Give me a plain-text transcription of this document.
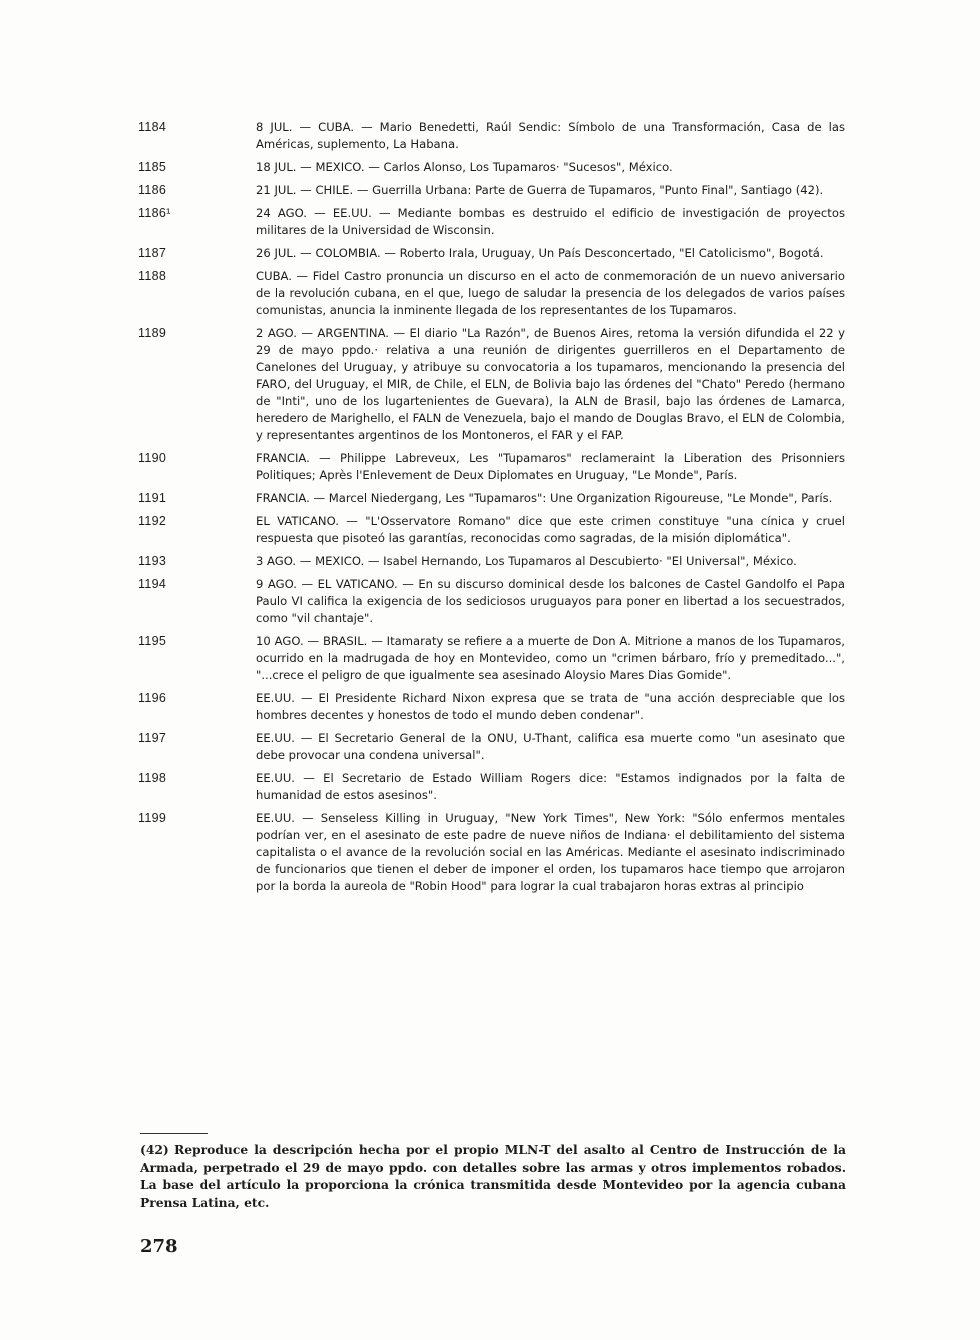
1184	8 JUL. — CUBA. — Mario Benedetti, Raúl Sendic: Símbolo de una Transformación, Casa de las Américas, suplemento, La Habana.
1185	18 JUL. — MEXICO. — Carlos Alonso, Los Tupamaros· "Sucesos", México.
1186	21 JUL. — CHILE. — Guerrilla Urbana: Parte de Guerra de Tupamaros, "Punto Final", Santiago (42).
1186¹	24 AGO. — EE.UU. — Mediante bombas es destruido el edificio de investigación de proyectos militares de la Universidad de Wisconsin.
1187	26 JUL. — COLOMBIA. — Roberto Irala, Uruguay, Un País Desconcertado, "El Catolicismo", Bogotá.
1188	CUBA. — Fidel Castro pronuncia un discurso en el acto de conmemoración de un nuevo aniversario de la revolución cubana, en el que, luego de saludar la presencia de los delegados de varios países comunistas, anuncia la inminente llegada de los representantes de los Tupamaros.
1189	2 AGO. — ARGENTINA. — El diario "La Razón", de Buenos Aires, retoma la versión difundida el 22 y 29 de mayo ppdo.· relativa a una reunión de dirigentes guerrilleros en el Departamento de Canelones del Uruguay, y atribuye su convocatoria a los tupamaros, mencionando la presencia del FARO, del Uruguay, el MIR, de Chile, el ELN, de Bolivia bajo las órdenes del "Chato" Peredo (hermano de "Inti", uno de los lugartenientes de Guevara), la ALN de Brasil, bajo las órdenes de Lamarca, heredero de Marighello, el FALN de Venezuela, bajo el mando de Douglas Bravo, el ELN de Colombia, y representantes argentinos de los Montoneros, el FAR y el FAP.
1190	FRANCIA. — Philippe Labreveux, Les "Tupamaros" reclameraint la Liberation des Prisonniers Politiques; Après l'Enlevement de Deux Diplomates en Uruguay, "Le Monde", París.
1191	FRANCIA. — Marcel Niedergang, Les "Tupamaros": Une Organization Rigoureuse, "Le Monde", París.
1192	EL VATICANO. — "L'Osservatore Romano" dice que este crimen constituye "una cínica y cruel respuesta que pisoteó las garantías, reconocidas como sagradas, de la misión diplomática".
1193	3 AGO. — MEXICO. — Isabel Hernando, Los Tupamaros al Descubierto· "El Universal", México.
1194	9 AGO. — EL VATICANO. — En su discurso dominical desde los balcones de Castel Gandolfo el Papa Paulo VI califica la exigencia de los sediciosos uruguayos para poner en libertad a los secuestrados, como "vil chantaje".
1195	10 AGO. — BRASIL. — Itamaraty se refiere a a muerte de Don A. Mitrione a manos de los Tupamaros, ocurrido en la madrugada de hoy en Montevideo, como un "crimen bárbaro, frío y premeditado...", "...crece el peligro de que igualmente sea asesinado Aloysio Mares Dias Gomide".
1196	EE.UU. — El Presidente Richard Nixon expresa que se trata de "una acción despreciable que los hombres decentes y honestos de todo el mundo deben condenar".
1197	EE.UU. — El Secretario General de la ONU, U-Thant, califica esa muerte como "un asesinato que debe provocar una condena universal".
1198	EE.UU. — El Secretario de Estado William Rogers dice: "Estamos indignados por la falta de humanidad de estos asesinos".
1199	EE.UU. — Senseless Killing in Uruguay, "New York Times", New York: "Sólo enfermos mentales podrían ver, en el asesinato de este padre de nueve niños de Indiana· el debilitamiento del sistema capitalista o el avance de la revolución social en las Américas. Mediante el asesinato indiscriminado de funcionarios que tienen el deber de imponer el orden, los tupamaros hace tiempo que arrojaron por la borda la aureola de "Robin Hood" para lograr la cual trabajaron horas extras al principio
(42) Reproduce la descripción hecha por el propio MLN-T del asalto al Centro de Instrucción de la Armada, perpetrado el 29 de mayo ppdo. con detalles sobre las armas y otros implementos robados. La base del artículo la proporciona la crónica transmitida desde Montevideo por la agencia cubana Prensa Latina, etc.
278
